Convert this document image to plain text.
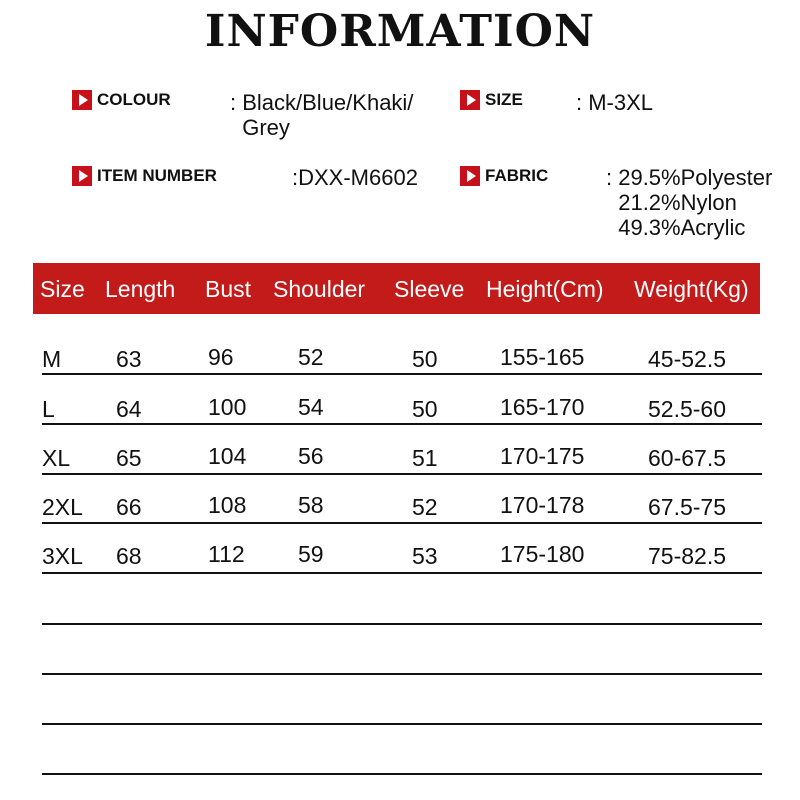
INFORMATION
COLOUR	: Black/Blue/Khaki/
Grey
SIZE : M-3XL
ITEM NUMBER	:DXX-M6602	FABRIC	: 29.5%Polyester
21.2%Nylon
49.3%Acrylic
Size Length Bust Shoulder Sleeve Height(Cm) Weight(Kg)
M 63	96	52	50	155-165	45-52.5
L	64	100 54	50	165-170	52.5-60
XL 65	104 56	51	170-175	60-67.5
2XL 66	108 58	52	170-178	67.5-75
3XL 68	112 59	53	175-180	75-82.5
